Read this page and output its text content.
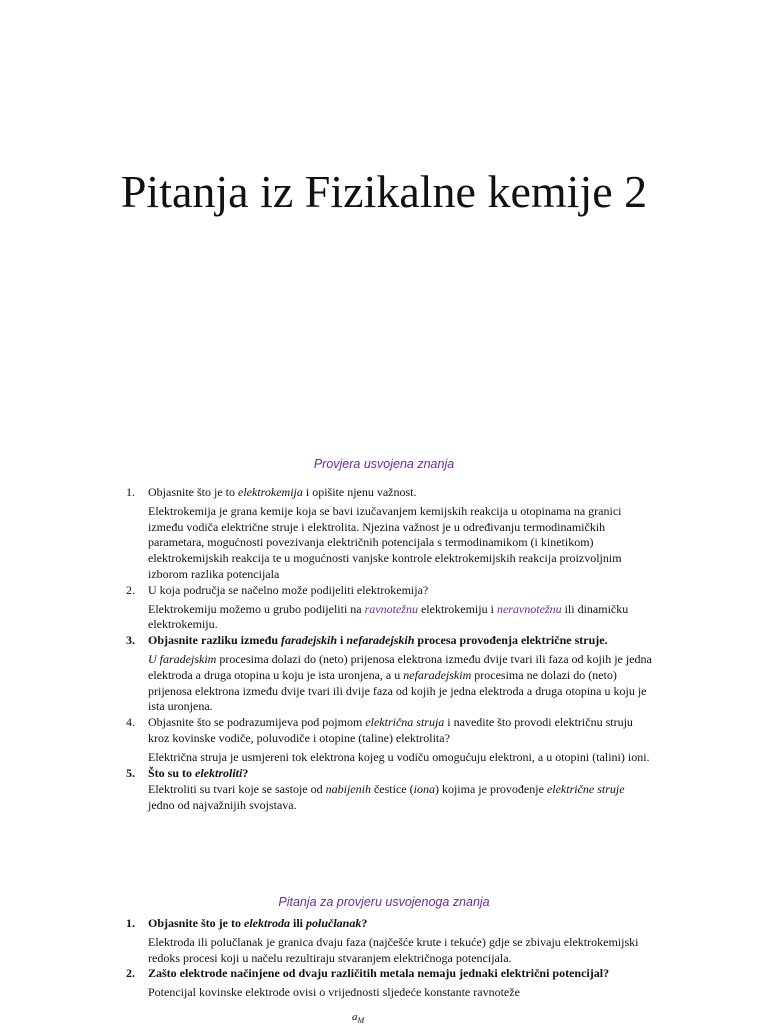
Pitanja iz Fizikalne kemije 2
Provjera usvojena znanja
1. Objasnite što je to elektrokemija i opišite njenu važnost.
Elektrokemija je grana kemije koja se bavi izučavanjem kemijskih reakcija u otopinama na granici između vodiča električne struje i elektrolita. Njezina važnost je u određivanju termodinamičkih parametara, mogućnosti povezivanja električnih potencijala s termodinamikom (i kinetikom) elektrokemijskih reakcija te u mogućnosti vanjske kontrole elektrokemijskih reakcija proizvoljnim izborom razlika potencijala
2. U koja područja se načelno može podijeliti elektrokemija?
Elektrokemiju možemo u grubo podijeliti na ravnotežnu elektrokemiju i neravnotežnu ili dinamičku elektrokemiju.
3. Objasnite razliku između faradejskih i nefaradejskih procesa provođenja električne struje.
U faradejskim procesima dolazi do (neto) prijenosa elektrona između dvije tvari ili faza od kojih je jedna elektroda a druga otopina u koju je ista uronjena, a u nefaradejskim procesima ne dolazi do (neto) prijenosa elektrona između dvije tvari ili dvije faza od kojih je jedna elektroda a druga otopina u koju je ista uronjena.
4. Objasnite što se podrazumijeva pod pojmom električna struja i navedite što provodi električnu struju kroz kovinske vodiče, poluvodiče i otopine (taline) elektrolita?
Električna struja je usmjereni tok elektrona kojeg u vodiču omogućuju elektroni, a u otopini (talini) ioni.
5. Što su to elektroliti?
Elektroliti su tvari koje se sastoje od nabijenih čestice (iona) kojima je provođenje električne struje jedno od najvažnijih svojstava.
Pitanja za provjeru usvojenoga znanja
1. Objasnite što je to elektroda ili polučlanak?
Elektroda ili polučlanak je granica dvaju faza (najčešće krute i tekuće) gdje se zbivaju elektrokemijski redoks procesi koji u načelu rezultiraju stvaranjem električnoga potencijala.
2. Zašto elektrode načinjene od dvaju različitih metala nemaju jednaki električni potencijal?
Potencijal kovinske elektrode ovisi o vrijednosti sljedeće konstante ravnoteže
$a_M$
